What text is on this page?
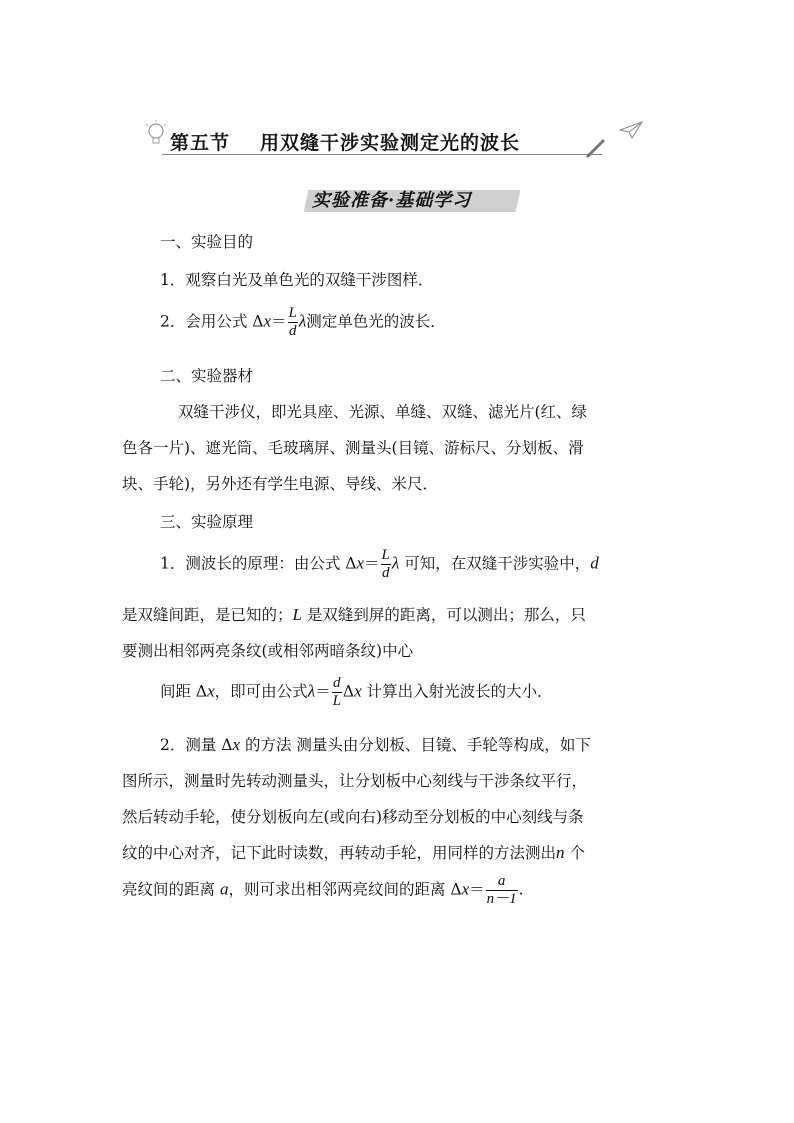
第五节 用双缝干涉实验测定光的波长
实验准备·基础学习
一、实验目的
1．观察白光及单色光的双缝干涉图样．
2．会用公式 $\Delta x= \frac{L}{d}$ λ测定单色光的波长．
二、实验器材
双缝干涉仪，即光具座、光源、单缝、双缝、滤光片(红、绿
色各一片)、遮光筒、毛玻璃屏、测量头(目镜、游标尺、分划板、滑
块、手轮)，另外还有学生电源、导线、米尺．
三、实验原理
1．测波长的原理：由公式 $\Delta x= \frac{L}{d}$ λ 可知，在双缝干涉实验中，d
是双缝间距，是已知的；L 是双缝到屏的距离，可以测出；那么，只
要测出相邻两亮条纹(或相邻两暗条纹)中心
间距 Δx，即可由公式$\lambda= \frac{d}{L}$ Δx 计算出入射光波长的大小．
2．测量 Δx 的方法 测量头由分划板、目镜、手轮等构成，如下
图所示，测量时先转动测量头，让分划板中心刻线与干涉条纹平行，
然后转动手轮，使分划板向左(或向右)移动至分划板的中心刻线与条
纹的中心对齐，记下此时读数，再转动手轮，用同样的方法测出n 个
亮纹间的距离 a，则可求出相邻两亮纹间的距离 $\Delta x= \frac{a}{n-1}$ .
